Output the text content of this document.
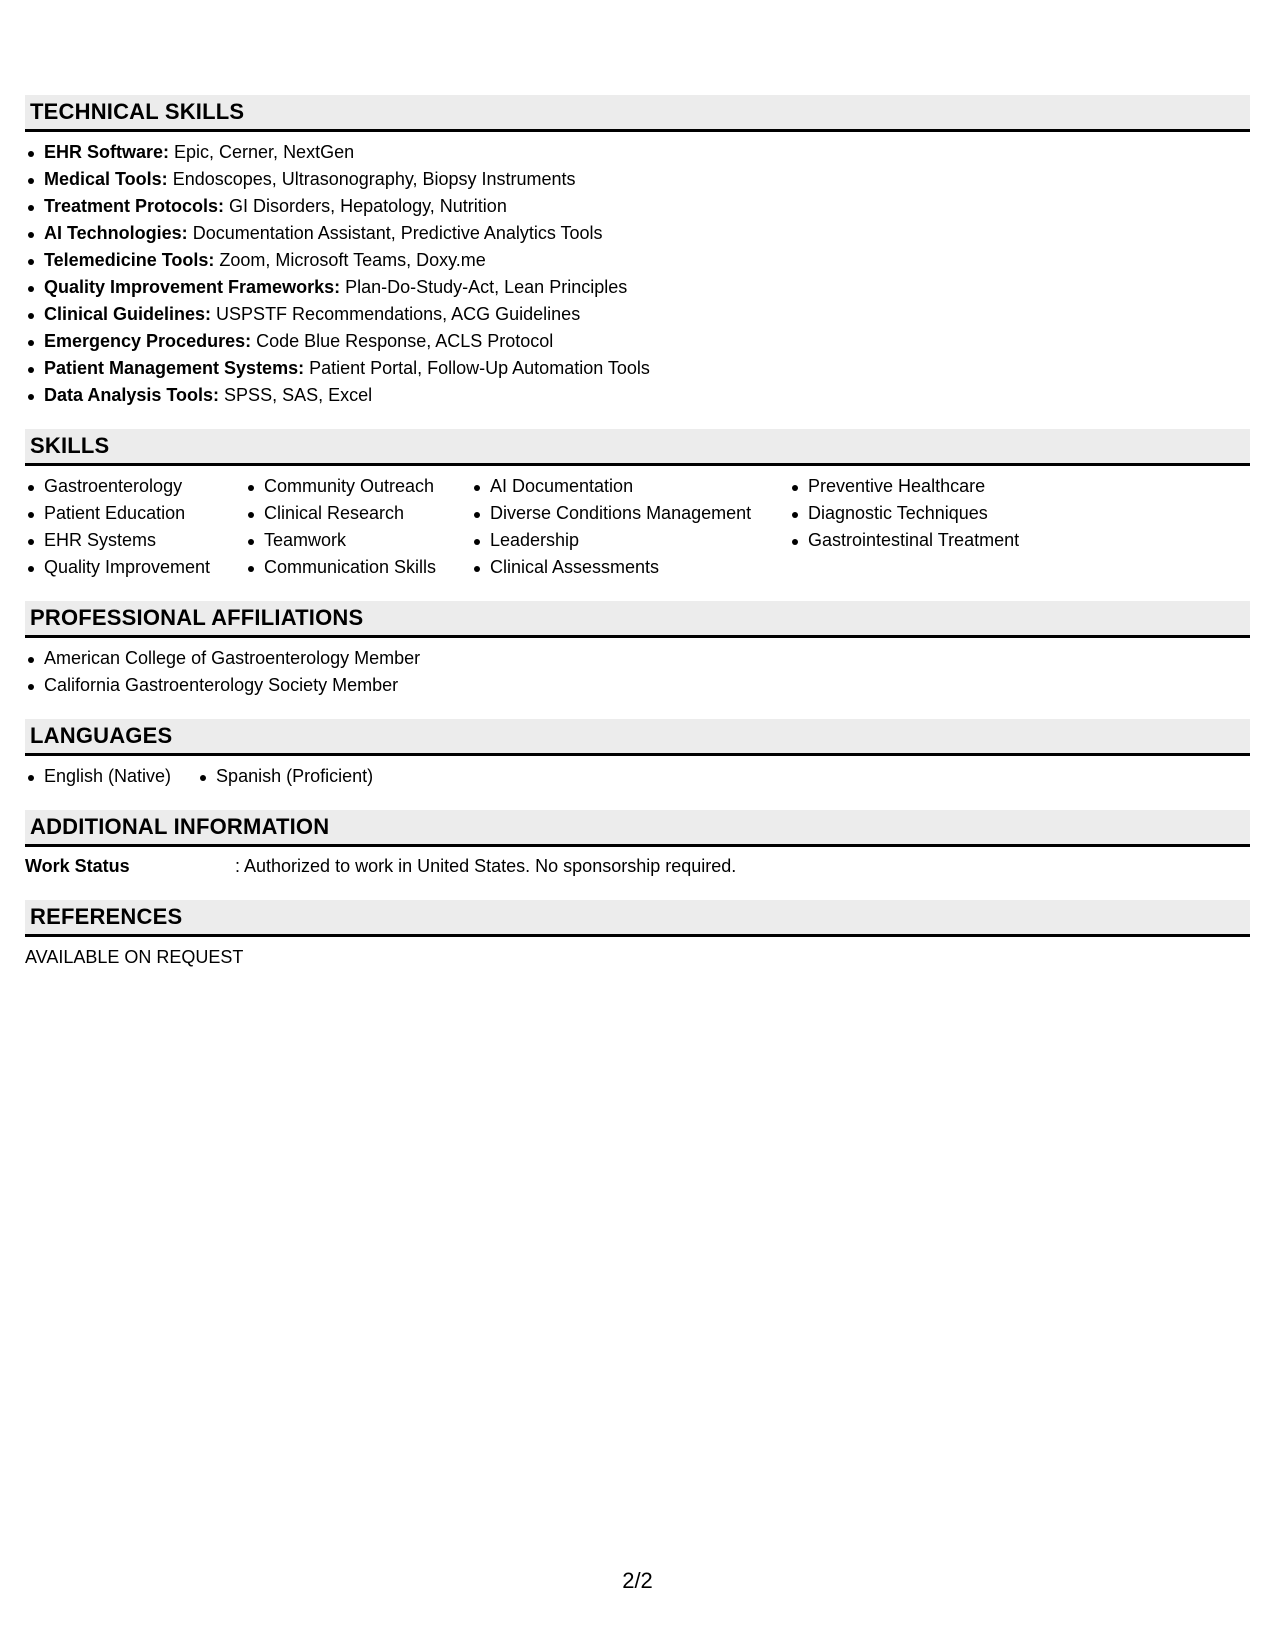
TECHNICAL SKILLS
EHR Software: Epic, Cerner, NextGen
Medical Tools: Endoscopes, Ultrasonography, Biopsy Instruments
Treatment Protocols: GI Disorders, Hepatology, Nutrition
AI Technologies: Documentation Assistant, Predictive Analytics Tools
Telemedicine Tools: Zoom, Microsoft Teams, Doxy.me
Quality Improvement Frameworks: Plan-Do-Study-Act, Lean Principles
Clinical Guidelines: USPSTF Recommendations, ACG Guidelines
Emergency Procedures: Code Blue Response, ACLS Protocol
Patient Management Systems: Patient Portal, Follow-Up Automation Tools
Data Analysis Tools: SPSS, SAS, Excel
SKILLS
Gastroenterology
Patient Education
EHR Systems
Quality Improvement
Community Outreach
Clinical Research
Teamwork
Communication Skills
AI Documentation
Diverse Conditions Management
Leadership
Clinical Assessments
Preventive Healthcare
Diagnostic Techniques
Gastrointestinal Treatment
PROFESSIONAL AFFILIATIONS
American College of Gastroenterology Member
California Gastroenterology Society Member
LANGUAGES
English (Native)	Spanish (Proficient)
ADDITIONAL INFORMATION
Work Status	: Authorized to work in United States. No sponsorship required.
REFERENCES
AVAILABLE ON REQUEST
2/2
